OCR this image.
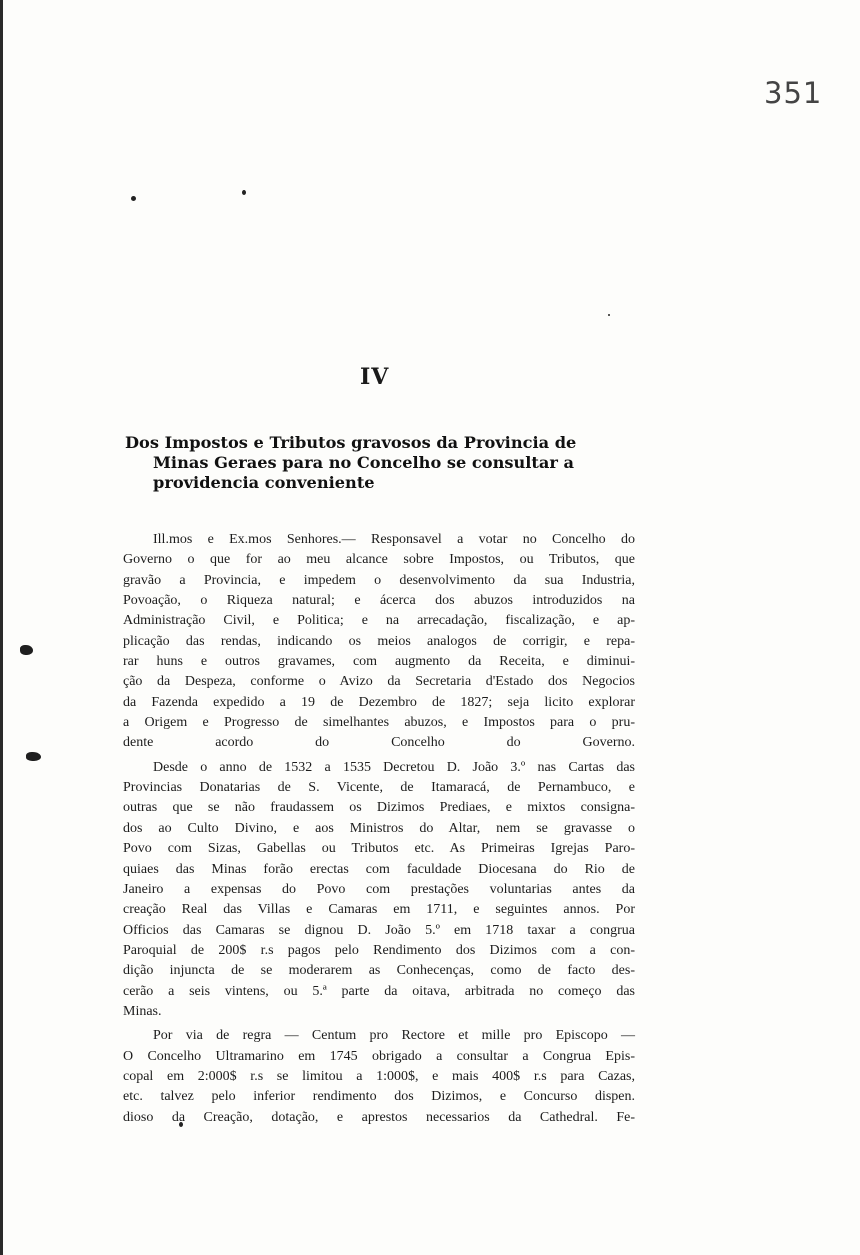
351
IV
Dos Impostos e Tributos gravosos da Provincia de
Minas Geraes para no Concelho se consultar a
providencia conveniente

Ill.mos e Ex.mos Senhores.— Responsavel a votar no Concelho do
Governo o que for ao meu alcance sobre Impostos, ou Tributos, que
gravão a Provincia, e impedem o desenvolvimento da sua Industria,
Povoação, o Riqueza natural; e ácerca dos abuzos introduzidos na
Administração Civil, e Politica; e na arrecadação, fiscalização, e ap-
plicação das rendas, indicando os meios analogos de corrigir, e repa-
rar huns e outros gravames, com augmento da Receita, e diminui-
ção da Despeza, conforme o Avizo da Secretaria d'Estado dos Negocios
da Fazenda expedido a 19 de Dezembro de 1827; seja licito explorar
a Origem e Progresso de simelhantes abuzos, e Impostos para o pru-
dente acordo do Concelho do Governo.

Desde o anno de 1532 a 1535 Decretou D. João 3.º nas Cartas das
Provincias Donatarias de S. Vicente, de Itamaracá, de Pernambuco, e
outras que se não fraudassem os Dizimos Prediaes, e mixtos consigna-
dos ao Culto Divino, e aos Ministros do Altar, nem se gravasse o
Povo com Sizas, Gabellas ou Tributos etc. As Primeiras Igrejas Paro-
quiaes das Minas forão erectas com faculdade Diocesana do Rio de
Janeiro a expensas do Povo com prestações voluntarias antes da
creação Real das Villas e Camaras em 1711, e seguintes annos. Por
Officios das Camaras se dignou D. João 5.º em 1718 taxar a congrua
Paroquial de 200$ r.s pagos pelo Rendimento dos Dizimos com a con-
dição injuncta de se moderarem as Conhecenças, como de facto des-
cerão a seis vintens, ou 5.ª parte da oitava, arbitrada no começo das
Minas.

Por via de regra — Centum pro Rectore et mille pro Episcopo —
O Concelho Ultramarino em 1745 obrigado a consultar a Congrua Epis-
copal em 2:000$ r.s se limitou a 1:000$, e mais 400$ r.s para Cazas,
etc. talvez pelo inferior rendimento dos Dizimos, e Concurso dispen.
dioso da Creação, dotação, e aprestos necessarios da Cathedral. Fe-
